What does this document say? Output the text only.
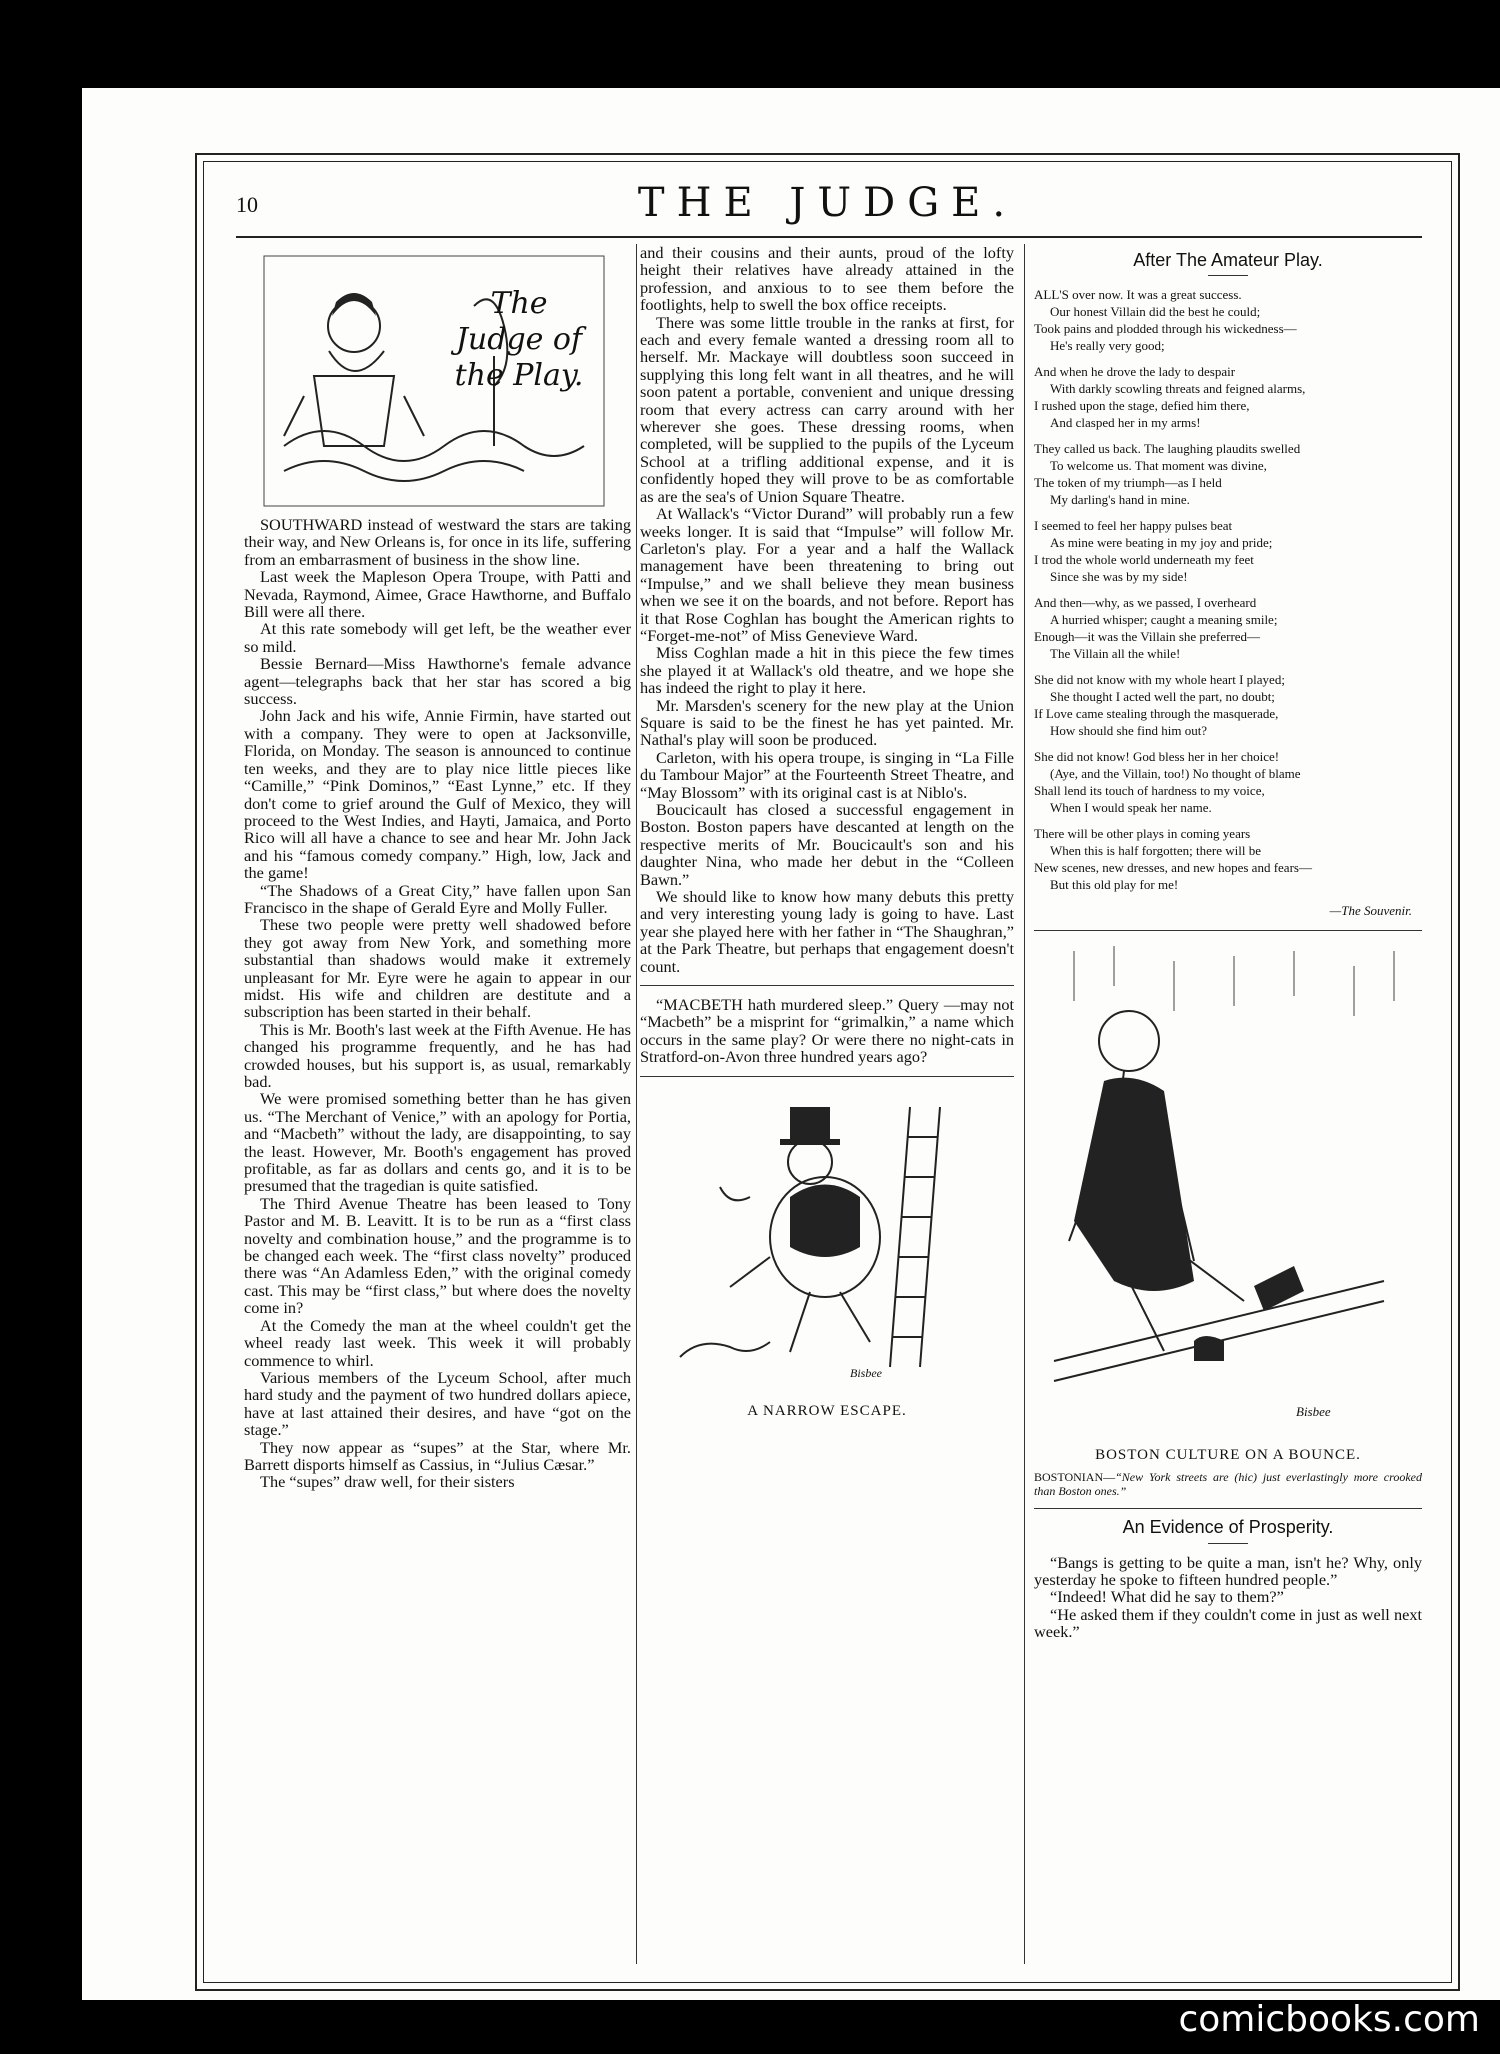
10	THE JUDGE.
The Judge of the Play.

SOUTHWARD instead of westward the stars are taking their way, and New Orleans is, for once in its life, suffering from an embarrasment of business in the show line.

Last week the Mapleson Opera Troupe, with Patti and Nevada, Raymond, Aimee, Grace Hawthorne, and Buffalo Bill were all there.

At this rate somebody will get left, be the weather ever so mild.

Bessie Bernard—Miss Hawthorne's female advance agent—telegraphs back that her star has scored a big success.

John Jack and his wife, Annie Firmin, have started out with a company. They were to open at Jacksonville, Florida, on Monday. The season is announced to continue ten weeks, and they are to play nice little pieces like “Camille,” “Pink Dominos,” “East Lynne,” etc. If they don't come to grief around the Gulf of Mexico, they will proceed to the West Indies, and Hayti, Jamaica, and Porto Rico will all have a chance to see and hear Mr. John Jack and his “famous comedy company.” High, low, Jack and the game!

“The Shadows of a Great City,” have fallen upon San Francisco in the shape of Gerald Eyre and Molly Fuller.

These two people were pretty well shadowed before they got away from New York, and something more substantial than shadows would make it extremely unpleasant for Mr. Eyre were he again to appear in our midst. His wife and children are destitute and a subscription has been started in their behalf.

This is Mr. Booth's last week at the Fifth Avenue. He has changed his programme frequently, and he has had crowded houses, but his support is, as usual, remarkably bad.

We were promised something better than he has given us. “The Merchant of Venice,” with an apology for Portia, and “Macbeth” without the lady, are disappointing, to say the least. However, Mr. Booth's engagement has proved profitable, as far as dollars and cents go, and it is to be presumed that the tragedian is quite satisfied.

The Third Avenue Theatre has been leased to Tony Pastor and M. B. Leavitt. It is to be run as a “first class novelty and combination house,” and the programme is to be changed each week. The “first class novelty” produced there was “An Adamless Eden,” with the original comedy cast. This may be “first class,” but where does the novelty come in?

At the Comedy the man at the wheel couldn't get the wheel ready last week. This week it will probably commence to whirl.

Various members of the Lyceum School, after much hard study and the payment of two hundred dollars apiece, have at last attained their desires, and have “got on the stage.”

They now appear as “supes” at the Star, where Mr. Barrett disports himself as Cassius, in “Julius Cæsar.”

The “supes” draw well, for their sisters

and their cousins and their aunts, proud of the lofty height their relatives have already attained in the profession, and anxious to to see them before the footlights, help to swell the box office receipts.

There was some little trouble in the ranks at first, for each and every female wanted a dressing room all to herself. Mr. Mackaye will doubtless soon succeed in supplying this long felt want in all theatres, and he will soon patent a portable, convenient and unique dressing room that every actress can carry around with her wherever she goes. These dressing rooms, when completed, will be supplied to the pupils of the Lyceum School at a trifling additional expense, and it is confidently hoped they will prove to be as comfortable as are the sea's of Union Square Theatre.

At Wallack's “Victor Durand” will probably run a few weeks longer. It is said that “Impulse” will follow Mr. Carleton's play. For a year and a half the Wallack management have been threatening to bring out “Impulse,” and we shall believe they mean business when we see it on the boards, and not before. Report has it that Rose Coghlan has bought the American rights to “Forget-me-not” of Miss Genevieve Ward.

Miss Coghlan made a hit in this piece the few times she played it at Wallack's old theatre, and we hope she has indeed the right to play it here.

Mr. Marsden's scenery for the new play at the Union Square is said to be the finest he has yet painted. Mr. Nathal's play will soon be produced.

Carleton, with his opera troupe, is singing in “La Fille du Tambour Major” at the Fourteenth Street Theatre, and “May Blossom” with its original cast is at Niblo's.

Boucicault has closed a successful engagement in Boston. Boston papers have descanted at length on the respective merits of Mr. Boucicault's son and his daughter Nina, who made her debut in the “Colleen Bawn.”

We should like to know how many debuts this pretty and very interesting young lady is going to have. Last year she played here with her father in “The Shaughran,” at the Park Theatre, but perhaps that engagement doesn't count.

“MACBETH hath murdered sleep.” Query —may not “Macbeth” be a misprint for “grimalkin,” a name which occurs in the same play? Or were there no night-cats in Stratford-on-Avon three hundred years ago?

Bisbee
A NARROW ESCAPE.
After The Amateur Play.
ALL'S over now. It was a great success.
Our honest Villain did the best he could;
Took pains and plodded through his wickedness—
He's really very good;
And when he drove the lady to despair
With darkly scowling threats and feigned alarms,
I rushed upon the stage, defied him there,
And clasped her in my arms!
They called us back. The laughing plaudits swelled
To welcome us. That moment was divine,
The token of my triumph—as I held
My darling's hand in mine.
I seemed to feel her happy pulses beat
As mine were beating in my joy and pride;
I trod the whole world underneath my feet
Since she was by my side!
And then—why, as we passed, I overheard
A hurried whisper; caught a meaning smile;
Enough—it was the Villain she preferred—
The Villain all the while!
She did not know with my whole heart I played;
She thought I acted well the part, no doubt;
If Love came stealing through the masquerade,
How should she find him out?
She did not know! God bless her in her choice!
(Aye, and the Villain, too!) No thought of blame
Shall lend its touch of hardness to my voice,
When I would speak her name.
There will be other plays in coming years
When this is half forgotten; there will be
New scenes, new dresses, and new hopes and fears—
But this old play for me!
—The Souvenir.
Bisbee
BOSTON CULTURE ON A BOUNCE.
BOSTONIAN—“New York streets are (hic) just everlastingly more crooked than Boston ones.”
An Evidence of Prosperity.

“Bangs is getting to be quite a man, isn't he? Why, only yesterday he spoke to fifteen hundred people.”

“Indeed! What did he say to them?”

“He asked them if they couldn't come in just as well next week.”

comicbooks.com
